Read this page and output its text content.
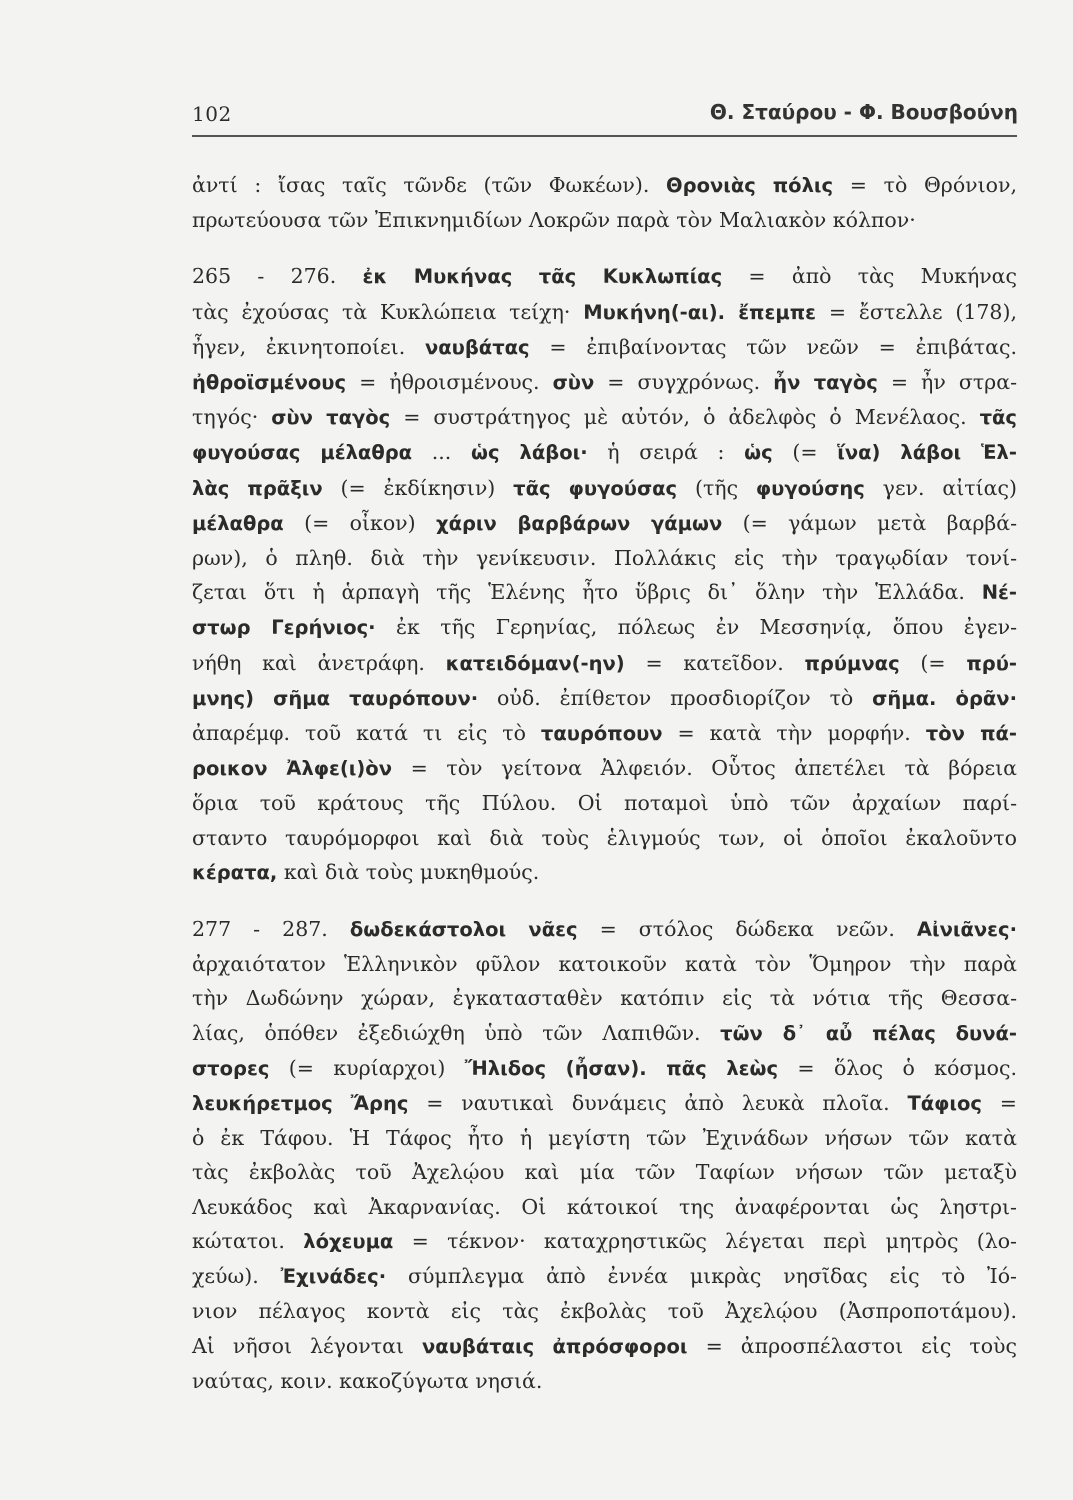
102	Θ. Σταύρου - Φ. Βουσβούνη
ἀντί : ἴσας ταῖς τῶνδε (τῶν Φωκέων). Θρονιὰς πόλις = τὸ Θρόνιον,
πρωτεύουσα τῶν Ἐπικνημιδίων Λοκρῶν παρὰ τὸν Μαλιακὸν κόλπον·
265 - 276. ἐκ Μυκήνας τᾶς Κυκλωπίας = ἀπὸ τὰς Μυκήνας
τὰς ἐχούσας τὰ Κυκλώπεια τείχη· Μυκήνη(-αι). ἔπεμπε = ἔστελλε (178),
ἦγεν, ἐκινητοποίει. ναυβάτας = ἐπιβαίνοντας τῶν νεῶν = ἐπιβάτας.
ἠθροϊσμένους = ἠθροισμένους. σὺν = συγχρόνως. ἦν ταγὸς = ἦν στρα-
τηγός· σὺν ταγὸς = συστράτηγος μὲ αὐτόν, ὁ ἀδελφὸς ὁ Μενέλαος. τᾶς
φυγούσας μέλαθρα ... ὡς λάβοι· ἡ σειρά : ὡς (= ἵνα) λάβοι Ἑλ-
λὰς πρᾶξιν (= ἐκδίκησιν) τᾶς φυγούσας (τῆς φυγούσης γεν. αἰτίας)
μέλαθρα (= οἶκον) χάριν βαρβάρων γάμων (= γάμων μετὰ βαρβά-
ρων), ὁ πληθ. διὰ τὴν γενίκευσιν. Πολλάκις εἰς τὴν τραγῳδίαν τονί-
ζεται ὅτι ἡ ἁρπαγὴ τῆς Ἑλένης ἦτο ὕβρις δι᾽ ὅλην τὴν Ἑλλάδα. Νέ-
στωρ Γερήνιος· ἐκ τῆς Γερηνίας, πόλεως ἐν Μεσσηνίᾳ, ὅπου ἐγεν-
νήθη καὶ ἀνετράφη. κατειδόμαν(-ην) = κατεῖδον. πρύμνας (= πρύ-
μνης) σῆμα ταυρόπουν· οὐδ. ἐπίθετον προσδιορίζον τὸ σῆμα. ὁρᾶν·
ἀπαρέμφ. τοῦ κατά τι εἰς τὸ ταυρόπουν = κατὰ τὴν μορφήν. τὸν πά-
ροικον Ἀλφε(ι)ὸν = τὸν γείτονα Ἀλφειόν. Οὗτος ἀπετέλει τὰ βόρεια
ὅρια τοῦ κράτους τῆς Πύλου. Οἱ ποταμοὶ ὑπὸ τῶν ἀρχαίων παρί-
σταντο ταυρόμορφοι καὶ διὰ τοὺς ἑλιγμούς των, οἱ ὁποῖοι ἐκαλοῦντο
κέρατα, καὶ διὰ τοὺς μυκηθμούς.
277 - 287. δωδεκάστολοι νᾶες = στόλος δώδεκα νεῶν. Αἰνιᾶνες·
ἀρχαιότατον Ἑλληνικὸν φῦλον κατοικοῦν κατὰ τὸν Ὅμηρον τὴν παρὰ
τὴν Δωδώνην χώραν, ἐγκατασταθὲν κατόπιν εἰς τὰ νότια τῆς Θεσσα-
λίας, ὁπόθεν ἐξεδιώχθη ὑπὸ τῶν Λαπιθῶν. τῶν δ᾽ αὖ πέλας δυνά-
στορες (= κυρίαρχοι) Ἤλιδος (ἦσαν). πᾶς λεὼς = ὅλος ὁ κόσμος.
λευκήρετμος Ἄρης = ναυτικαὶ δυνάμεις ἀπὸ λευκὰ πλοῖα. Τάφιος =
ὁ ἐκ Τάφου. Ἡ Τάφος ἦτο ἡ μεγίστη τῶν Ἐχινάδων νήσων τῶν κατὰ
τὰς ἐκβολὰς τοῦ Ἀχελῴου καὶ μία τῶν Ταφίων νήσων τῶν μεταξὺ
Λευκάδος καὶ Ἀκαρνανίας. Οἱ κάτοικοί της ἀναφέρονται ὡς ληστρι-
κώτατοι. λόχευμα = τέκνον· καταχρηστικῶς λέγεται περὶ μητρὸς (λο-
χεύω). Ἐχινάδες· σύμπλεγμα ἀπὸ ἐννέα μικρὰς νησῖδας εἰς τὸ Ἰό-
νιον πέλαγος κοντὰ εἰς τὰς ἐκβολὰς τοῦ Ἀχελῴου (Ἀσπροποτάμου).
Αἱ νῆσοι λέγονται ναυβάταις ἀπρόσφοροι = ἀπροσπέλαστοι εἰς τοὺς
ναύτας, κοιν. κακοζύγωτα νησιά.
